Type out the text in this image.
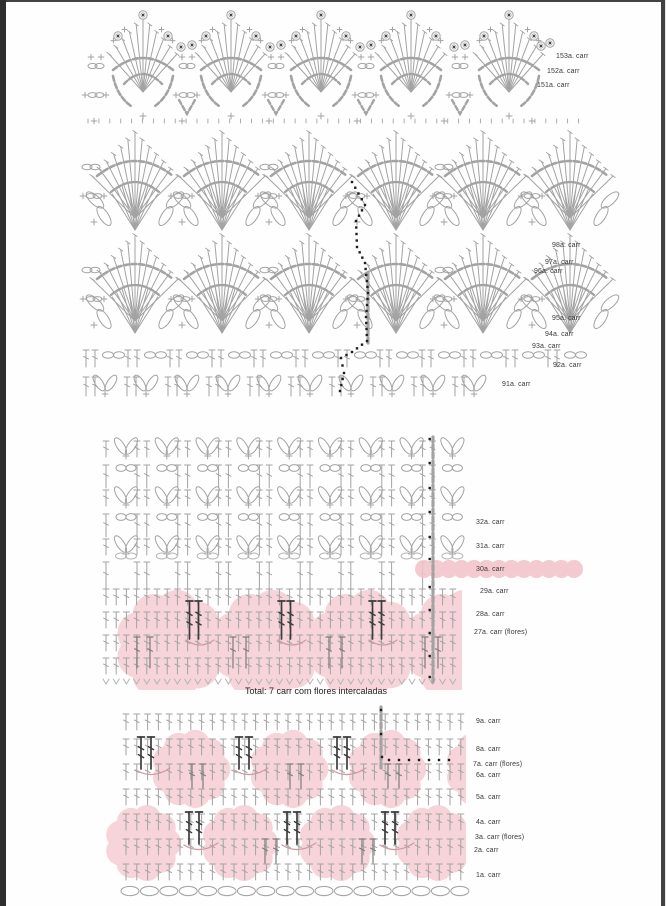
153a. carr
152a. carr
151a. carr
98a. carr
97a. carr
96a. carr
95a. carr
94a. carr
93a. carr
92a. carr
91a. carr
32a. carr
31a. carr
30a. carr
29a. carr
28a. carr
27a. carr (flores)
9a. carr
8a. carr
7a. carr (flores)
6a. carr
5a. carr
4a. carr
3a. carr (flores)
2a. carr
1a. carr
Total: 7 carr com flores intercaladas
